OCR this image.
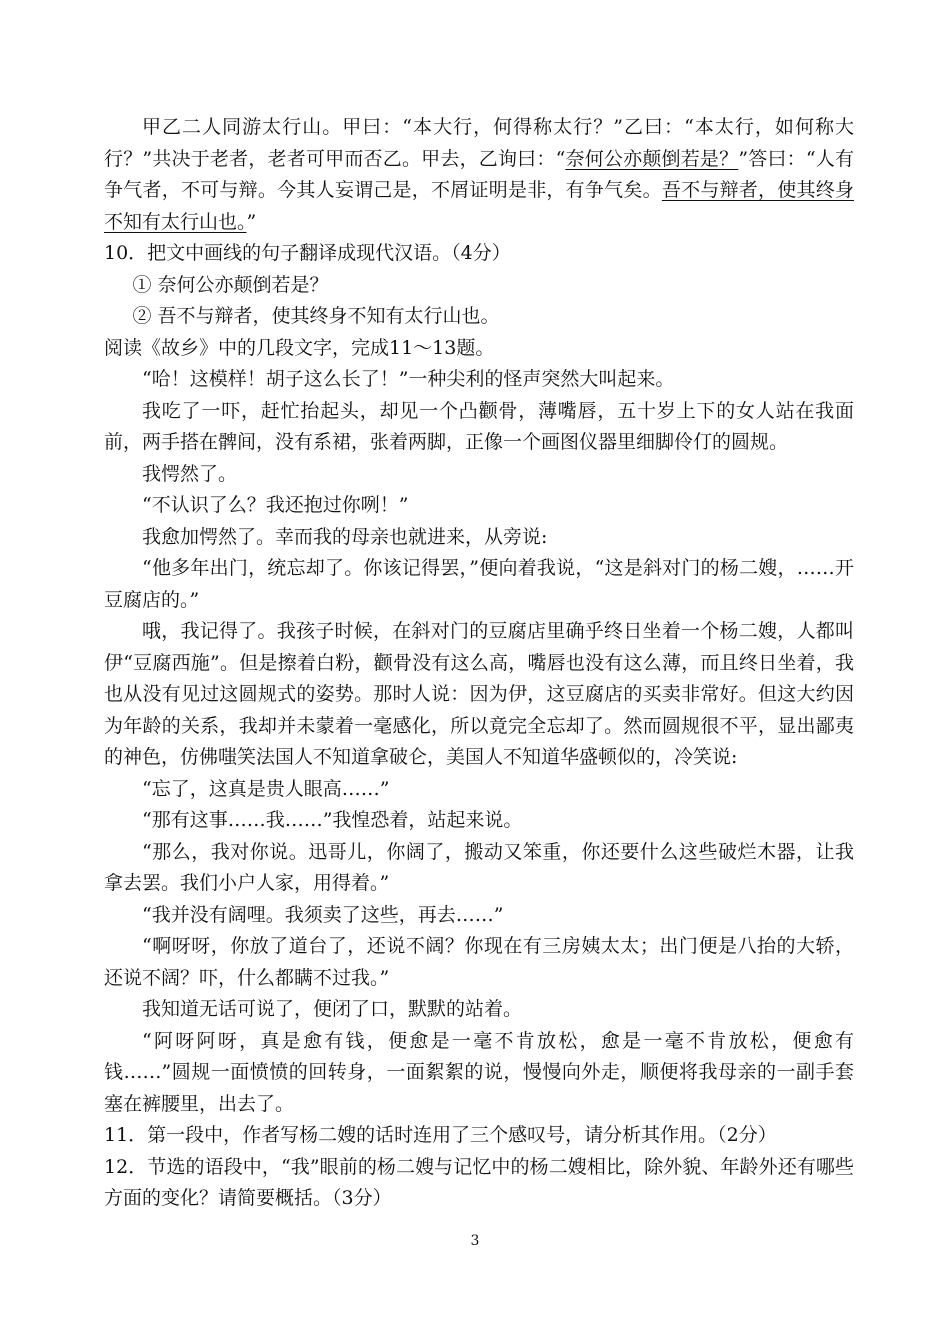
甲乙二人同游太行山。甲曰：“本大行，何得称太行？”乙曰：“本太行，如何称大行？”共决于老者，老者可甲而否乙。甲去，乙询曰：“奈何公亦颠倒若是？”答曰：“人有争气者，不可与辩。今其人妄谓己是，不屑证明是非，有争气矣。吾不与辩者，使其终身不知有太行山也。”

10．把文中画线的句子翻译成现代汉语。（4分）

① 奈何公亦颠倒若是？

② 吾不与辩者，使其终身不知有太行山也。

阅读《故乡》中的几段文字，完成11～13题。

“哈！这模样！胡子这么长了！”一种尖利的怪声突然大叫起来。

我吃了一吓，赶忙抬起头，却见一个凸颧骨，薄嘴唇，五十岁上下的女人站在我面前，两手搭在髀间，没有系裙，张着两脚，正像一个画图仪器里细脚伶仃的圆规。

我愕然了。

“不认识了么？我还抱过你咧！”

我愈加愕然了。幸而我的母亲也就进来，从旁说:

“他多年出门，统忘却了。你该记得罢，”便向着我说，“这是斜对门的杨二嫂，……开豆腐店的。”

哦，我记得了。我孩子时候，在斜对门的豆腐店里确乎终日坐着一个杨二嫂，人都叫伊“豆腐西施”。但是擦着白粉，颧骨没有这么高，嘴唇也没有这么薄，而且终日坐着，我也从没有见过这圆规式的姿势。那时人说：因为伊，这豆腐店的买卖非常好。但这大约因为年龄的关系，我却并未蒙着一毫感化，所以竟完全忘却了。然而圆规很不平，显出鄙夷的神色，仿佛嗤笑法国人不知道拿破仑，美国人不知道华盛顿似的，冷笑说:

“忘了，这真是贵人眼高……”

“那有这事……我……”我惶恐着，站起来说。

“那么，我对你说。迅哥儿，你阔了，搬动又笨重，你还要什么这些破烂木器，让我拿去罢。我们小户人家，用得着。”

“我并没有阔哩。我须卖了这些，再去……”

“啊呀呀，你放了道台了，还说不阔？你现在有三房姨太太；出门便是八抬的大轿，还说不阔？吓，什么都瞒不过我。”

我知道无话可说了，便闭了口，默默的站着。

“阿呀阿呀，真是愈有钱，便愈是一毫不肯放松，愈是一毫不肯放松，便愈有钱……”圆规一面愤愤的回转身，一面絮絮的说，慢慢向外走，顺便将我母亲的一副手套塞在裤腰里，出去了。

11．第一段中，作者写杨二嫂的话时连用了三个感叹号，请分析其作用。（2分）

12．节选的语段中，“我”眼前的杨二嫂与记忆中的杨二嫂相比，除外貌、年龄外还有哪些方面的变化？请简要概括。（3分）

3
